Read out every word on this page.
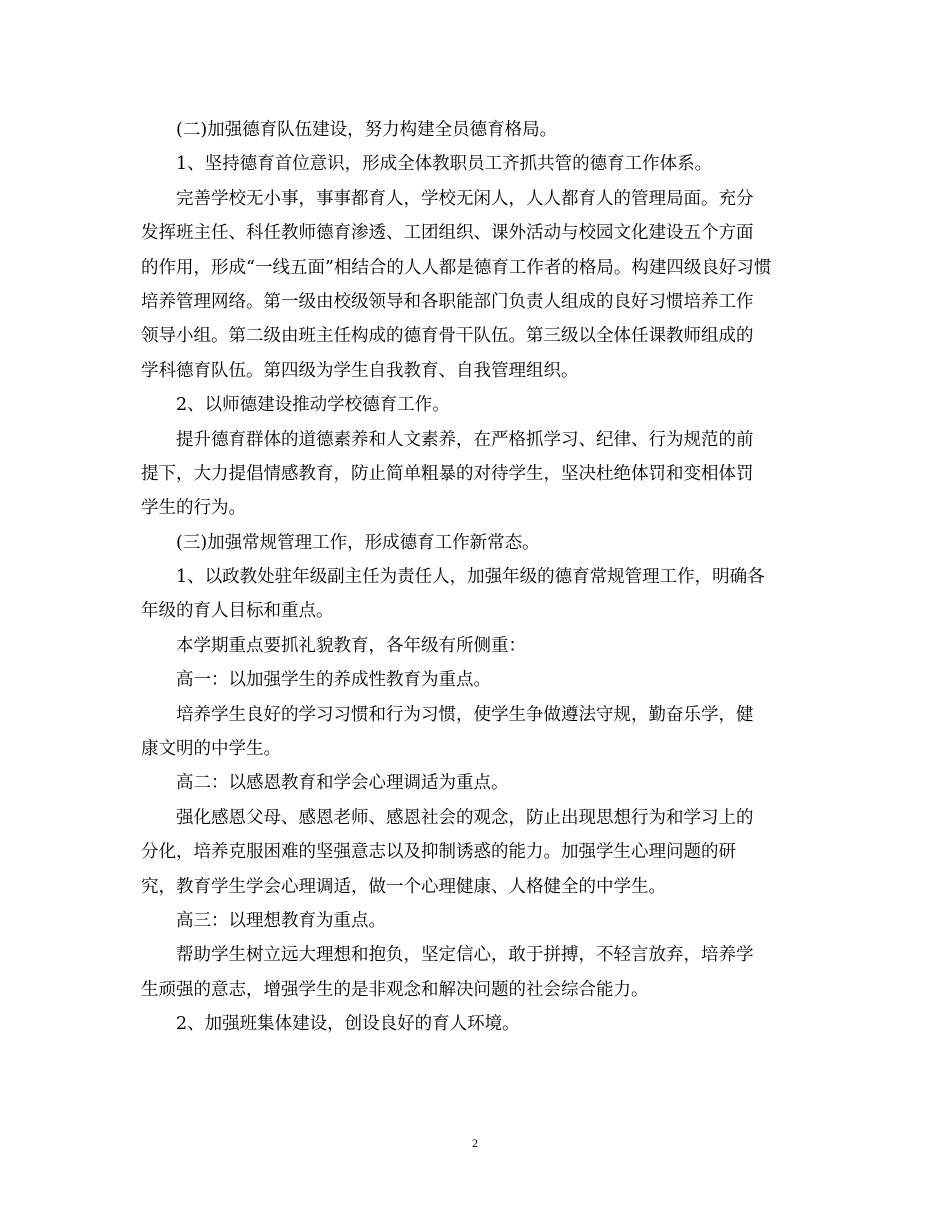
(二)加强德育队伍建设，努力构建全员德育格局。
1、坚持德育首位意识，形成全体教职员工齐抓共管的德育工作体系。
完善学校无小事，事事都育人，学校无闲人，人人都育人的管理局面。充分
发挥班主任、科任教师德育渗透、工团组织、课外活动与校园文化建设五个方面
的作用，形成“一线五面”相结合的人人都是德育工作者的格局。构建四级良好习惯
培养管理网络。第一级由校级领导和各职能部门负责人组成的良好习惯培养工作
领导小组。第二级由班主任构成的德育骨干队伍。第三级以全体任课教师组成的
学科德育队伍。第四级为学生自我教育、自我管理组织。
2、以师德建设推动学校德育工作。
提升德育群体的道德素养和人文素养，在严格抓学习、纪律、行为规范的前
提下，大力提倡情感教育，防止简单粗暴的对待学生，坚决杜绝体罚和变相体罚
学生的行为。
(三)加强常规管理工作，形成德育工作新常态。
1、以政教处驻年级副主任为责任人，加强年级的德育常规管理工作，明确各
年级的育人目标和重点。
本学期重点要抓礼貌教育，各年级有所侧重：
高一：以加强学生的养成性教育为重点。
培养学生良好的学习习惯和行为习惯，使学生争做遵法守规，勤奋乐学，健
康文明的中学生。
高二：以感恩教育和学会心理调适为重点。
强化感恩父母、感恩老师、感恩社会的观念，防止出现思想行为和学习上的
分化，培养克服困难的坚强意志以及抑制诱惑的能力。加强学生心理问题的研
究，教育学生学会心理调适，做一个心理健康、人格健全的中学生。
高三：以理想教育为重点。
帮助学生树立远大理想和抱负，坚定信心，敢于拼搏，不轻言放弃，培养学
生顽强的意志，增强学生的是非观念和解决问题的社会综合能力。
2、加强班集体建设，创设良好的育人环境。
2
